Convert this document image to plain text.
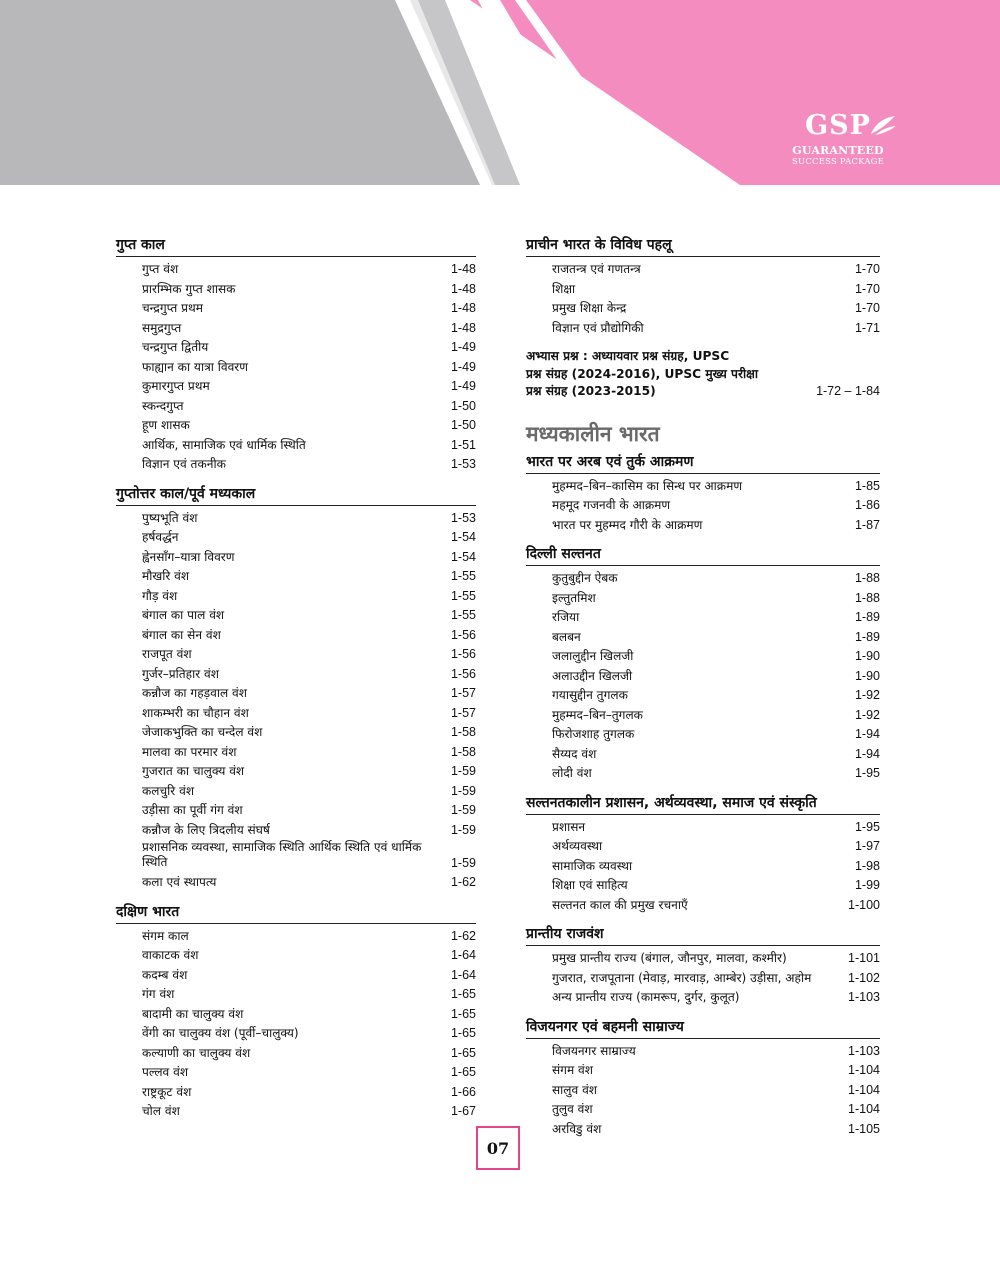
GSP
GUARANTEED
SUCCESS PACKAGE
गुप्त काल
गुप्त वंश	1-48
प्रारम्भिक गुप्त शासक	1-48
चन्द्रगुप्त प्रथम	1-48
समुद्रगुप्त	1-48
चन्द्रगुप्त द्वितीय	1-49
फाह्यान का यात्रा विवरण	1-49
कुमारगुप्त प्रथम	1-49
स्कन्दगुप्त	1-50
हूण शासक	1-50
आर्थिक, सामाजिक एवं धार्मिक स्थिति	1-51
विज्ञान एवं तकनीक	1-53
गुप्तोत्तर काल/पूर्व मध्यकाल
पुष्यभूति वंश	1-53
हर्षवर्द्धन	1-54
ह्वेनसाँग–यात्रा विवरण	1-54
मौखरि वंश	1-55
गौड़ वंश	1-55
बंगाल का पाल वंश	1-55
बंगाल का सेन वंश	1-56
राजपूत वंश	1-56
गुर्जर–प्रतिहार वंश	1-56
कन्नौज का गहड़वाल वंश	1-57
शाकम्भरी का चौहान वंश	1-57
जेजाकभुक्ति का चन्देल वंश	1-58
मालवा का परमार वंश	1-58
गुजरात का चालुक्य वंश	1-59
कलचुरि वंश	1-59
उड़ीसा का पूर्वी गंग वंश	1-59
कन्नौज के लिए त्रिदलीय संघर्ष	1-59
प्रशासनिक व्यवस्था, सामाजिक स्थिति आर्थिक स्थिति एवं धार्मिक स्थिति	1-59
कला एवं स्थापत्य	1-62
दक्षिण भारत
संगम काल	1-62
वाकाटक वंश	1-64
कदम्ब वंश	1-64
गंग वंश	1-65
बादामी का चालुक्य वंश	1-65
वेंगी का चालुक्य वंश (पूर्वी–चालुक्य)	1-65
कल्याणी का चालुक्य वंश	1-65
पल्लव वंश	1-65
राष्ट्रकूट वंश	1-66
चोल वंश	1-67
प्राचीन भारत के विविध पहलू
राजतन्त्र एवं गणतन्त्र	1-70
शिक्षा	1-70
प्रमुख शिक्षा केन्द्र	1-70
विज्ञान एवं प्रौद्योगिकी	1-71
अभ्यास प्रश्न : अध्यायवार प्रश्न संग्रह, UPSC
प्रश्न संग्रह (2024-2016), UPSC मुख्य परीक्षा
प्रश्न संग्रह (2023-2015)	1-72 – 1-84
मध्यकालीन भारत
भारत पर अरब एवं तुर्क आक्रमण
मुहम्मद–बिन–कासिम का सिन्ध पर आक्रमण	1-85
महमूद गजनवी के आक्रमण	1-86
भारत पर मुहम्मद गौरी के आक्रमण	1-87
दिल्ली सल्तनत
कुतुबुद्दीन ऐबक	1-88
इल्तुतमिश	1-88
रजिया	1-89
बलबन	1-89
जलालुद्दीन खिलजी	1-90
अलाउद्दीन खिलजी	1-90
गयासुद्दीन तुगलक	1-92
मुहम्मद–बिन–तुगलक	1-92
फिरोजशाह तुगलक	1-94
सैय्यद वंश	1-94
लोदी वंश	1-95
सल्तनतकालीन प्रशासन, अर्थव्यवस्था, समाज एवं संस्कृति
प्रशासन	1-95
अर्थव्यवस्था	1-97
सामाजिक व्यवस्था	1-98
शिक्षा एवं साहित्य	1-99
सल्तनत काल की प्रमुख रचनाएँ	1-100
प्रान्तीय राजवंश
प्रमुख प्रान्तीय राज्य (बंगाल, जौनपुर, मालवा, कश्मीर)	1-101
गुजरात, राजपूताना (मेवाड़, मारवाड़, आम्बेर) उड़ीसा, अहोम	1-102
अन्य प्रान्तीय राज्य (कामरूप, दुर्गर, कुलूत)	1-103
विजयनगर एवं बहमनी साम्राज्य
विजयनगर साम्राज्य	1-103
संगम वंश	1-104
सालुव वंश	1-104
तुलुव वंश	1-104
अरविडु वंश	1-105
07
